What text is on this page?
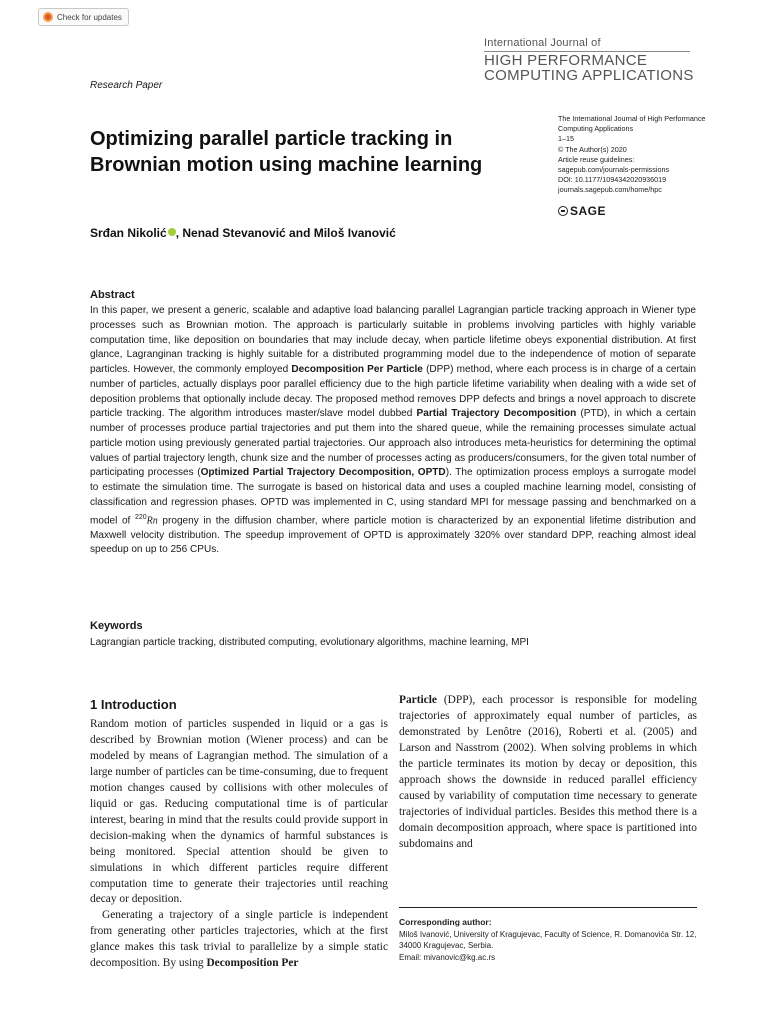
Check for updates
International Journal of
HIGH PERFORMANCE
COMPUTING APPLICATIONS
Research Paper
Optimizing parallel particle tracking in Brownian motion using machine learning
The International Journal of High Performance Computing Applications
1–15
© The Author(s) 2020
Article reuse guidelines:
sagepub.com/journals-permissions
DOI: 10.1177/1094342020936019
journals.sagepub.com/home/hpc
SAGE
Srđan Nikolić , Nenad Stevanović and Miloš Ivanović
Abstract
In this paper, we present a generic, scalable and adaptive load balancing parallel Lagrangian particle tracking approach in Wiener type processes such as Brownian motion. The approach is particularly suitable in problems involving particles with highly variable computation time, like deposition on boundaries that may include decay, when particle lifetime obeys exponential distribution. At first glance, Lagranginan tracking is highly suitable for a distributed programming model due to the independence of motion of separate particles. However, the commonly employed Decomposition Per Particle (DPP) method, where each process is in charge of a certain number of particles, actually displays poor parallel efficiency due to the high particle lifetime variability when dealing with a wide set of deposition problems that optionally include decay. The proposed method removes DPP defects and brings a novel approach to discrete particle tracking. The algorithm introduces master/slave model dubbed Partial Trajectory Decomposition (PTD), in which a certain number of processes produce partial trajectories and put them into the shared queue, while the remaining processes simulate actual particle motion using previously generated partial trajectories. Our approach also introduces meta-heuristics for determining the optimal values of partial trajectory length, chunk size and the number of processes acting as producers/consumers, for the given total number of participating processes (Optimized Partial Trajectory Decomposition, OPTD). The optimization process employs a surrogate model to estimate the simulation time. The surrogate is based on historical data and uses a coupled machine learning model, consisting of classification and regression phases. OPTD was implemented in C, using standard MPI for message passing and benchmarked on a model of $^{220}$Rn progeny in the diffusion chamber, where particle motion is characterized by an exponential lifetime distribution and Maxwell velocity distribution. The speedup improvement of OPTD is approximately 320% over standard DPP, reaching almost ideal speedup on up to 256 CPUs.
Keywords
Lagrangian particle tracking, distributed computing, evolutionary algorithms, machine learning, MPI
1 Introduction

Random motion of particles suspended in liquid or a gas is described by Brownian motion (Wiener process) and can be modeled by means of Lagrangian method. The simulation of a large number of particles can be time-consuming, due to frequent motion changes caused by collisions with other molecules of liquid or gas. Reducing computational time is of particular interest, bearing in mind that the results could provide support in decision-making when the dynamics of harmful substances is being monitored. Special attention should be given to simulations in which different particles require different computation time to generate their trajectories until reaching decay or deposition.

Generating a trajectory of a single particle is independent from generating other particles trajectories, which at the first glance makes this task trivial to parallelize by a simple static decomposition. By using Decomposition Per

Particle (DPP), each processor is responsible for modeling trajectories of approximately equal number of particles, as demonstrated by Lenôtre (2016), Roberti et al. (2005) and Larson and Nasstrom (2002). When solving problems in which the particle terminates its motion by decay or deposition, this approach shows the downside in reduced parallel efficiency caused by variability of computation time necessary to generate trajectories of individual particles. Besides this method there is a domain decomposition approach, where space is partitioned into subdomains and

Corresponding author:
Miloš Ivanović, University of Kragujevac, Faculty of Science, R. Domanovića Str. 12, 34000 Kragujevac, Serbia.
Email: mivanovic@kg.ac.rs
